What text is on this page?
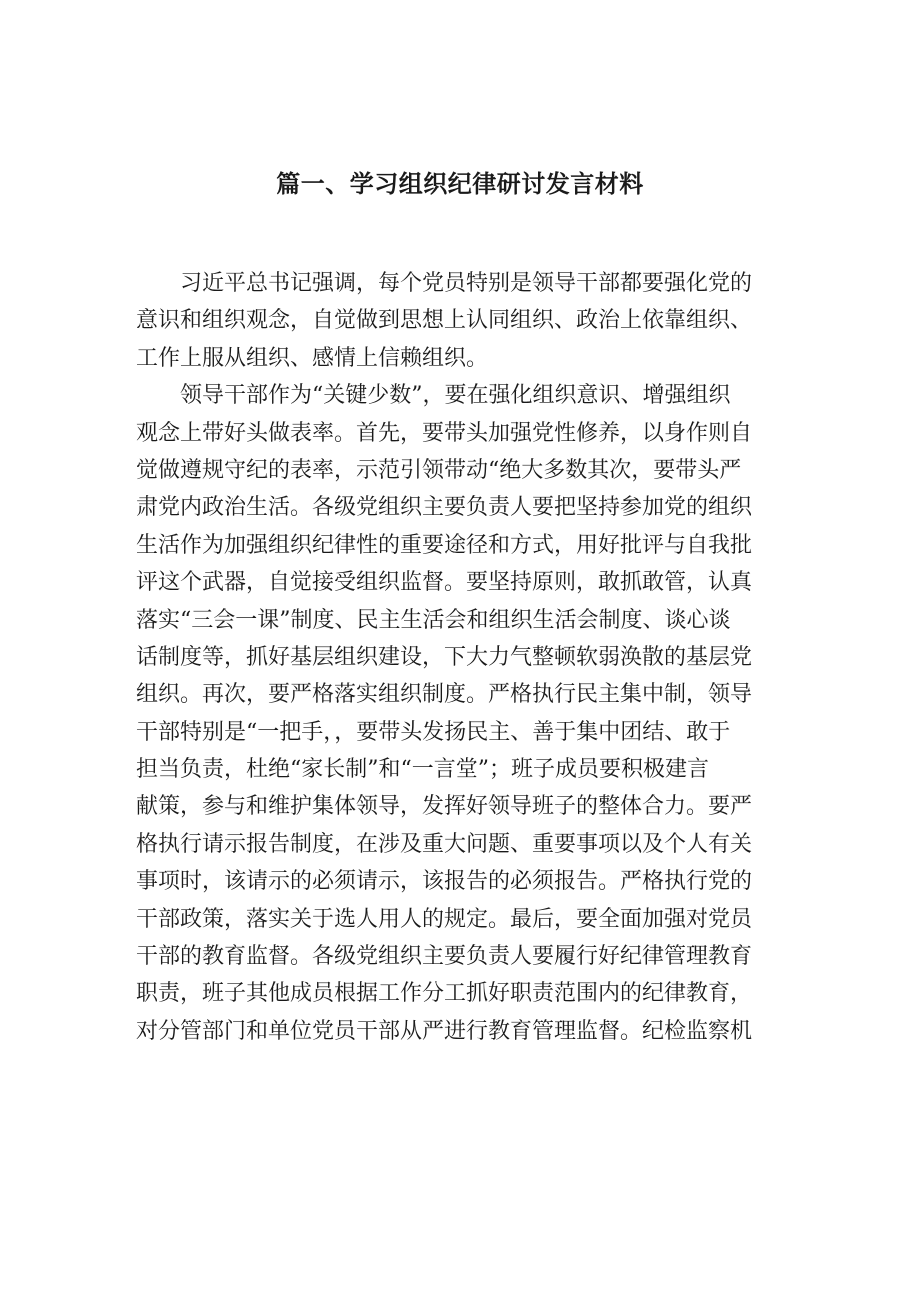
篇一、学习组织纪律研讨发言材料
　　习近平总书记强调，每个党员特别是领导干部都要强化党的
意识和组织观念，自觉做到思想上认同组织、政治上依靠组织、
工作上服从组织、感情上信赖组织。
　　领导干部作为“关键少数”，要在强化组织意识、增强组织
观念上带好头做表率。首先，要带头加强党性修养，以身作则自
觉做遵规守纪的表率，示范引领带动“绝大多数其次，要带头严
肃党内政治生活。各级党组织主要负责人要把坚持参加党的组织
生活作为加强组织纪律性的重要途径和方式，用好批评与自我批
评这个武器，自觉接受组织监督。要坚持原则，敢抓敢管，认真
落实“三会一课”制度、民主生活会和组织生活会制度、谈心谈
话制度等，抓好基层组织建设，下大力气整顿软弱涣散的基层党
组织。再次，要严格落实组织制度。严格执行民主集中制，领导
干部特别是“一把手，，要带头发扬民主、善于集中团结、敢于
担当负责，杜绝“家长制”和“一言堂”；班子成员要积极建言
献策，参与和维护集体领导，发挥好领导班子的整体合力。要严
格执行请示报告制度，在涉及重大问题、重要事项以及个人有关
事项时，该请示的必须请示，该报告的必须报告。严格执行党的
干部政策，落实关于选人用人的规定。最后，要全面加强对党员
干部的教育监督。各级党组织主要负责人要履行好纪律管理教育
职责，班子其他成员根据工作分工抓好职责范围内的纪律教育，
对分管部门和单位党员干部从严进行教育管理监督。纪检监察机
